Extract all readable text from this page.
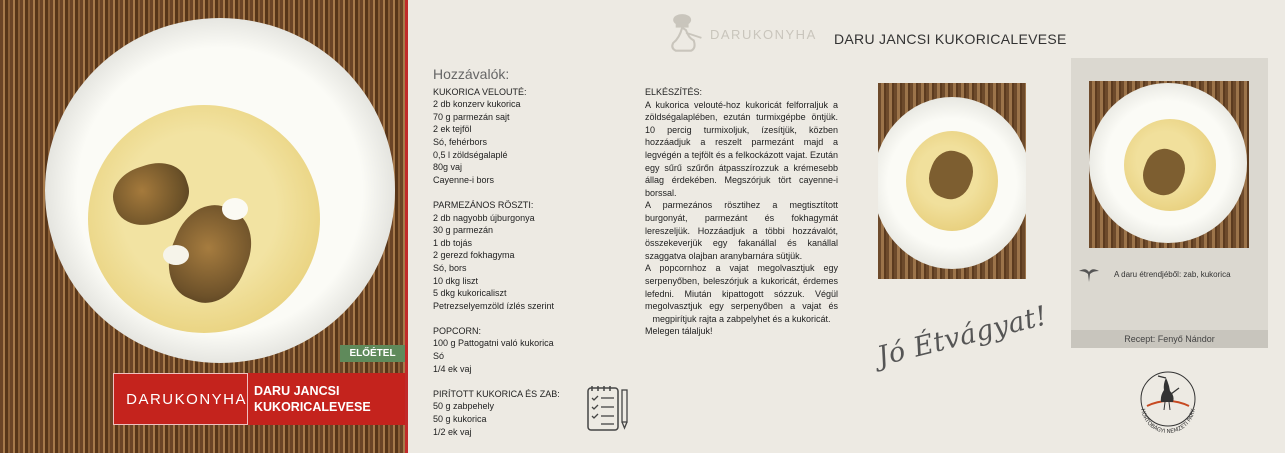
ELŐÉTEL
DARUKONYHA DARU JANCSI
KUKORICALEVESE
DARUKONYHA DARU JANCSI KUKORICALEVESE
Hozzávalók:
KUKORICA VELOUTÉ:
2 db konzerv kukorica
70 g parmezán sajt
2 ek tejföl
Só, fehérbors
0,5 l zöldségalaplé
80g vaj
Cayenne-i bors
PARMEZÁNOS RÖSZTI:
2 db nagyobb újburgonya
30 g parmezán
1 db tojás
2 gerezd fokhagyma
Só, bors
10 dkg liszt
5 dkg kukoricaliszt
Petrezselyemzöld ízlés szerint
POPCORN:
100 g Pattogatni való kukorica
Só
1/4 ek vaj
PIRÍTOTT KUKORICA ÉS ZAB:
50 g zabpehely
50 g kukorica
1/2 ek vaj
ELKÉSZÍTÉS:
A kukorica velouté-hoz kukoricát felforraljuk a zöldségalaplében, ezután turmixgépbe öntjük. 10 percig turmixoljuk, ízesítjük, közben hozzáadjuk a reszelt parmezánt majd a legvégén a tejfölt és a felkockázott vajat. Ezután egy sűrű szűrőn átpasszírozzuk a krémesebb állag érdekében. Megszórjuk tört cayenne-i borssal.
A parmezános rösztihez a megtisztított burgonyát, parmezánt és fokhagymát lereszeljük. Hozzáadjuk a többi hozzávalót, összekeverjük egy fakanállal és kanállal szaggatva olajban aranybarnára sütjük.
A popcornhoz a vajat megolvasztjuk egy serpenyőben, beleszórjuk a kukoricát, érdemes lefedni. Miután kipattogott sózzuk. Végül megolvasztjuk egy serpenyőben a vajat és megpirítjuk rajta a zabpelyhet és a kukoricát.
Melegen tálaljuk!
A daru étrendjéből: zab, kukorica
Recept: Fenyő Nándor
Jó Étvágyat!
HORTOBÁGYI NEMZETI PARK
